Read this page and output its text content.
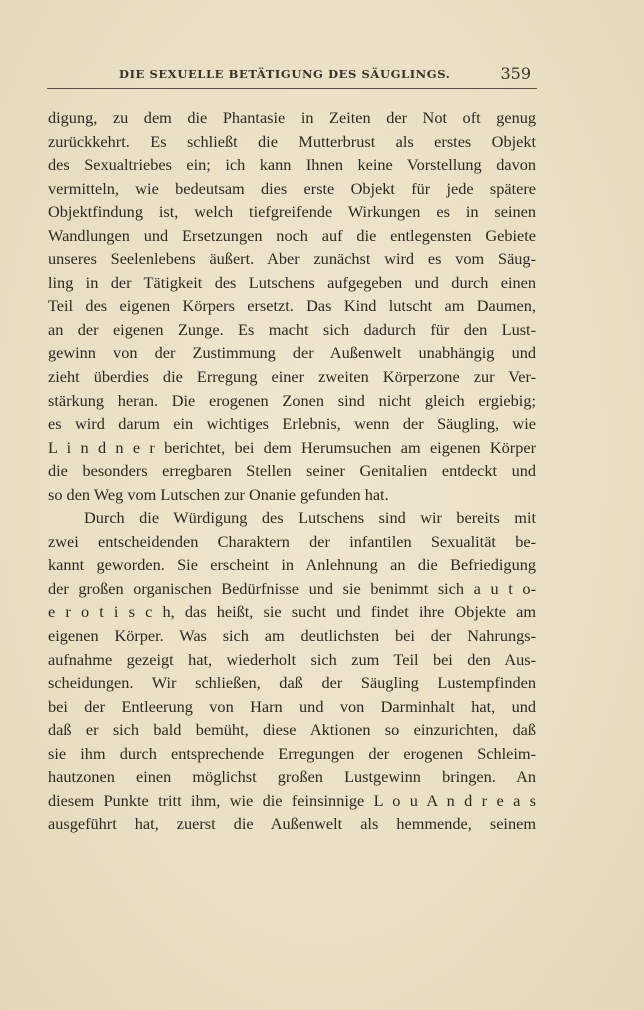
DIE SEXUELLE BETÄTIGUNG DES SÄUGLINGS.	359
digung, zu dem die Phantasie in Zeiten der Not oft genug
zurückkehrt. Es schließt die Mutterbrust als erstes Objekt
des Sexualtriebes ein; ich kann Ihnen keine Vorstellung davon
vermitteln, wie bedeutsam dies erste Objekt für jede spätere
Objektfindung ist, welch tiefgreifende Wirkungen es in seinen
Wandlungen und Ersetzungen noch auf die entlegensten Gebiete
unseres Seelenlebens äußert. Aber zunächst wird es vom Säug-
ling in der Tätigkeit des Lutschens aufgegeben und durch einen
Teil des eigenen Körpers ersetzt. Das Kind lutscht am Daumen,
an der eigenen Zunge. Es macht sich dadurch für den Lust-
gewinn von der Zustimmung der Außenwelt unabhängig und
zieht überdies die Erregung einer zweiten Körperzone zur Ver-
stärkung heran. Die erogenen Zonen sind nicht gleich ergiebig;
es wird darum ein wichtiges Erlebnis, wenn der Säugling, wie
L i n d n e r berichtet, bei dem Herumsuchen am eigenen Körper
die besonders erregbaren Stellen seiner Genitalien entdeckt und
so den Weg vom Lutschen zur Onanie gefunden hat.
Durch die Würdigung des Lutschens sind wir bereits mit
zwei entscheidenden Charaktern der infantilen Sexualität be-
kannt geworden. Sie erscheint in Anlehnung an die Befriedigung
der großen organischen Bedürfnisse und sie benimmt sich a u t o-
e r o t i s c h, das heißt, sie sucht und findet ihre Objekte am
eigenen Körper. Was sich am deutlichsten bei der Nahrungs-
aufnahme gezeigt hat, wiederholt sich zum Teil bei den Aus-
scheidungen. Wir schließen, daß der Säugling Lustempfinden
bei der Entleerung von Harn und von Darminhalt hat, und
daß er sich bald bemüht, diese Aktionen so einzurichten, daß
sie ihm durch entsprechende Erregungen der erogenen Schleim-
hautzonen einen möglichst großen Lustgewinn bringen. An
diesem Punkte tritt ihm, wie die feinsinnige L o u A n d r e a s
ausgeführt hat, zuerst die Außenwelt als hemmende, seinem
